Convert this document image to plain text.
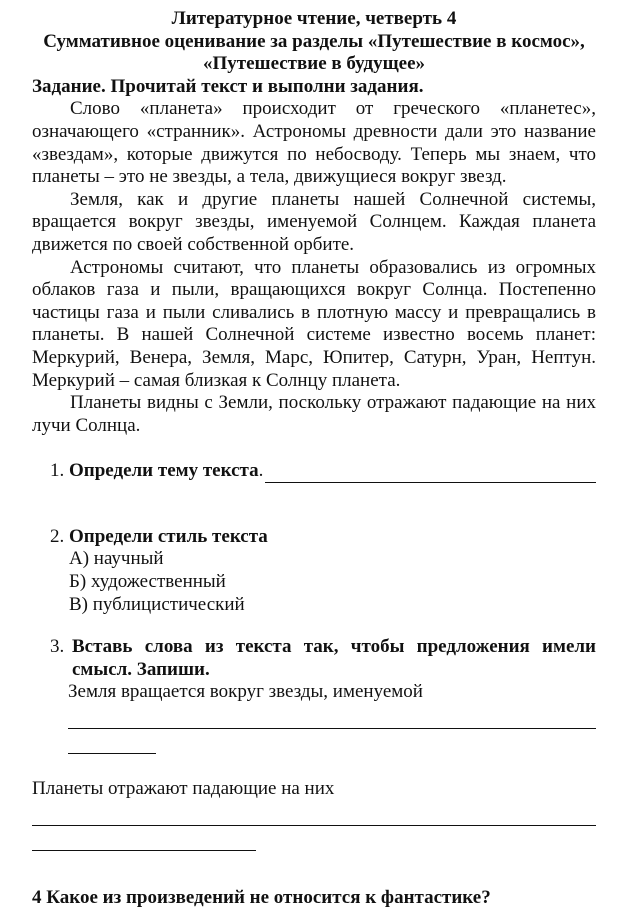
Литературное чтение, четверть 4

Суммативное оценивание за разделы «Путешествие в космос»,

«Путешествие в будущее»

Задание. Прочитай текст и выполни задания.

Слово «планета» происходит от греческого «планетес», означающего «странник». Астрономы древности дали это название «звездам», которые движутся по небосводу. Теперь мы знаем, что планеты – это не звезды, а тела, движущиеся вокруг звезд.

Земля, как и другие планеты нашей Солнечной системы, вращается вокруг звезды, именуемой Солнцем. Каждая планета движется по своей собственной орбите.

Астрономы считают, что планеты образовались из огромных облаков газа и пыли, вращающихся вокруг Солнца. Постепенно частицы газа и пыли сливались в плотную массу и превращались в планеты. В нашей Солнечной системе известно восемь планет: Меркурий, Венера, Земля, Марс, Юпитер, Сатурн, Уран, Нептун. Меркурий – самая близкая к Солнцу планета.

Планеты видны с Земли, поскольку отражают падающие на них лучи Солнца.

1.
Определи тему текста .

2. Определи стиль текста

А) научный

Б) художественный

В) публицистический

3. Вставь слова из текста так, чтобы предложения имели смысл. Запиши.

Земля вращается вокруг звезды, именуемой

Планеты отражают падающие на них

4 Какое из произведений не относится к фантастике?
